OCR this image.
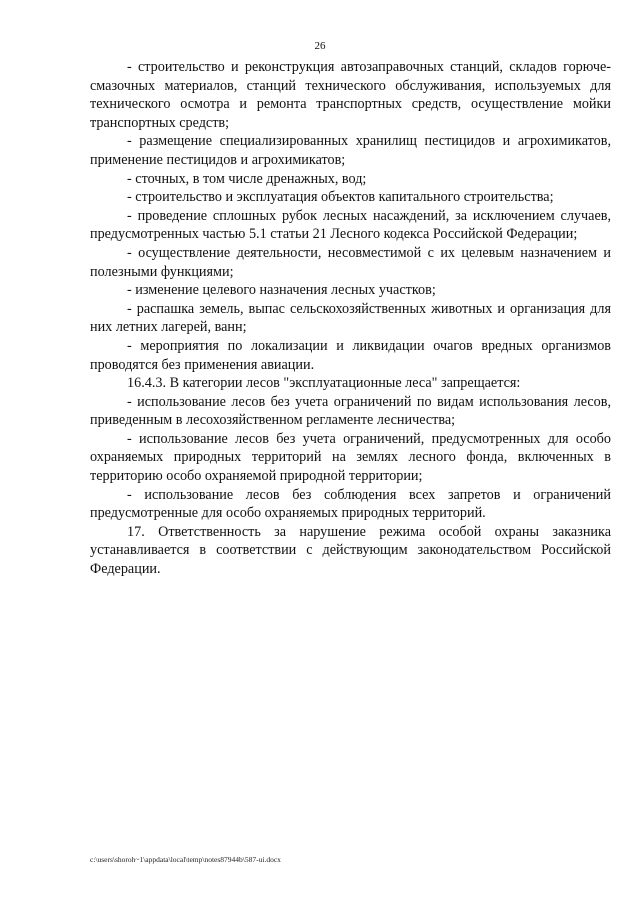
26

- строительство и реконструкция автозаправочных станций, складов горюче-смазочных материалов, станций технического обслуживания, используемых для технического осмотра и ремонта транспортных средств, осуществление мойки транспортных средств;

- размещение специализированных хранилищ пестицидов и агрохимикатов, применение пестицидов и агрохимикатов;

- сточных, в том числе дренажных, вод;

- строительство и эксплуатация объектов капитального строительства;

- проведение сплошных рубок лесных насаждений, за исключением случаев, предусмотренных частью 5.1 статьи 21 Лесного кодекса Российской Федерации;

- осуществление деятельности, несовместимой с их целевым назначением и полезными функциями;

- изменение целевого назначения лесных участков;

- распашка земель, выпас сельскохозяйственных животных и организация для них летних лагерей, ванн;

- мероприятия по локализации и ликвидации очагов вредных организмов проводятся без применения авиации.

16.4.3. В категории лесов "эксплуатационные леса" запрещается:

- использование лесов без учета ограничений по видам использования лесов, приведенным в лесохозяйственном регламенте лесничества;

- использование лесов без учета ограничений, предусмотренных для особо охраняемых природных территорий на землях лесного фонда, включенных в территорию особо охраняемой природной территории;

- использование лесов без соблюдения всех запретов и ограничений предусмотренные для особо охраняемых природных территорий.

17. Ответственность за нарушение режима особой охраны заказника устанавливается в соответствии с действующим законодательством Российской Федерации.

c:\users\shoroh~1\appdata\local\temp\notes87944b\587-ui.docx
